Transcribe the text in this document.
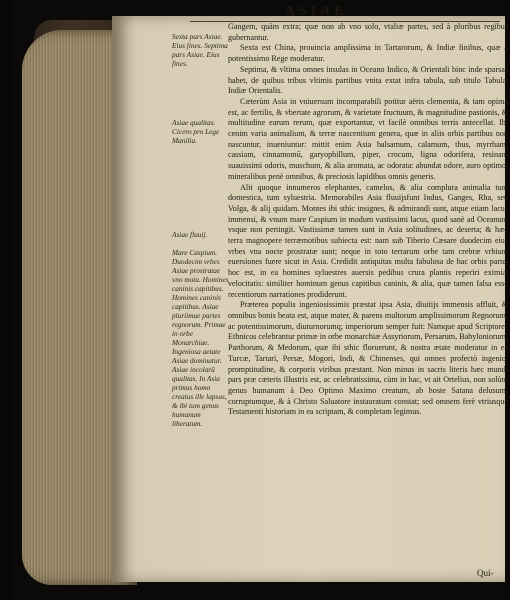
ASIAE.
Sexta pars Asiae. Eius fines. Septima pars Asiae. Eius fines.
Asiae qualitas. Cicero pro Lege Manilia.
Asiae fluuij.
Mare Caspium. Duodecim vrbes Asiae prostratae vno motu. Homines caninis capitibus. Homines caninis capitibus. Asiae pluriimae partes regnorum. Primae in orbe Monarchiae. Ingeniosa aetate Asiae dominatur. Asiae incolarū qualitas. In Asia primus homo creatus ille lapsus, & ibi tum genus humanum liberatum.

Gangem, quàm extra; quæ non ab vno solo, vtaliæ partes, sed à pluribus regibus gubernantur.

Sexta est China, prouincia amplissima in Tartarorum, & Indiæ finibus, quæ à potentissimo Rege moderatur.

Septima, & vltima omnes insulas in Oceano Indico, & Orientali binc inde sparsas habet, de quibus tribus vltimis partibus vnita extat infra tabula, sub titulo Tabulæ Indiæ Orientalis.

Cæterùm Asia in vniuersum incomparabili potitur aëris clementia, & tam opima est, ac fertilis, & vbertate agrorum, & varietate fructuum, & magnitudine pastionis, & multitudine earum rerum, quæ exportantur, vt facilè omnibus terris antecellat. Ibi cenim varia animalium, & terræ nascentium genera, quæ in aliis orbis partibus non nascuntur, inueniuntur: mittit enim Asia balsamum, calamum, thus, myrrham, cassiam, cinnamomū, garyophillum, piper, crocum, ligna odorifera, resinam suauissimi odoris, muschum, & alia aromata, ac odorata: abundat odore, auro optimo, mineralibus penè omnibus, & preciosis lapidibus omnis generis.

Alit quoque innumeros elephantes, camelos, & alia complura animalia tum domestica, tum syluestria. Memorabiles Asia fluuijsfunt Indus, Ganges, Rha, seu Volga, & alij quidam. Montes ibi sthic insignes, & admirandi sunt, atque etiam lacus immensi, & vnum mare Caspium in modum vastissimi lacus, quod sanè ad Oceanum vsque non pertingit. Vastissimæ tamen sunt in Asia solitudines, ac deserta; & hæc terra magnopere terræmotibus subiecta est: nam sub Tiberio Cæsare duodecim eius vrbes vna nocte prostratæ sunt; neque in toto terrarum orbe tam crebræ vrbium euersiones fuere sicut in Asia. Credidit antiquitas multa fabulosa de hac orbis parte, hoc est, in ea homines syluestres auersis pedibus crura plantis reperiri eximiæ velocitatis: similiter hominum genus capitibus caninis, & alia, quæ tamen falsa esse recentiorum narrationes prodiderunt.

Præterea populis ingeniosissimis præstat ipsa Asia, diuitijs immensis affluit, & omnibus bonis beata est, atque mater, & parens multorum amplissimorum Regnorum, ac potentissimorum, diuturnorumq; imperiorum semper fuit: Namque apud Scriptores Ethnicos celebrantur primæ in orbe monarchiæ Assyriorum, Persarum, Babyloniorum, Parthorum, & Medorum, quæ ibi sthic floruerunt, & nostra ætate moderatur in ea Turcæ, Tartari, Persæ, Mogori, Indi, & Chinenses, qui omnes profectò ingenio, promptitudine, & corporis viribus præstant. Non minus in sacris literis hæc mundi pars præ cæteris illustris est, ac celebratissima, cùm in hac, vt ait Ortelius, non solùm genus humanum à Deo Optimo Maximo creatum, ab hoste Satana delusum, corruptumque, & à Christo Saluatore instauratum constat; sed omnem ferè vtriusque Testamenti historiam in ea scriptam, & completam legimus.

Qui-
